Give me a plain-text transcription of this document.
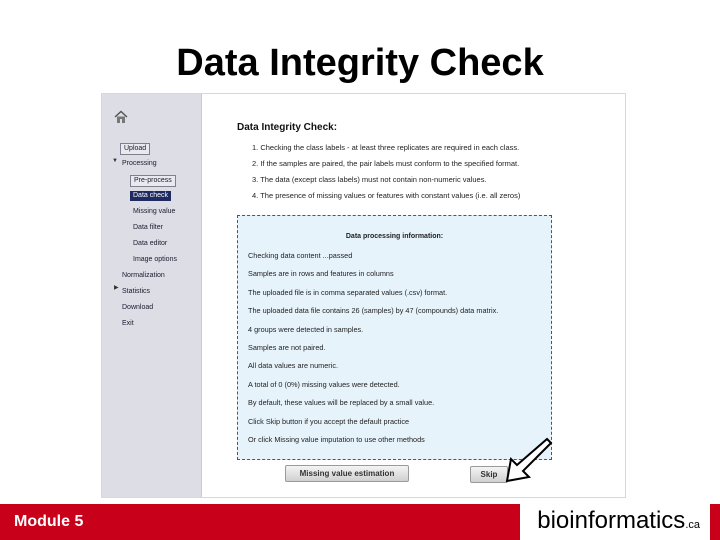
Data Integrity Check
Upload
▼ Processing
Pre-process
Data check
Missing value
Data filter
Data editor
Image options
Normalization
▶ Statistics
Download
Exit
Data Integrity Check:
1. Checking the class labels - at least three replicates are required in each class.
2. If the samples are paired, the pair labels must conform to the specified format.
3. The data (except class labels) must not contain non-numeric values.
4. The presence of missing values or features with constant values (i.e. all zeros)
Data processing information:
Checking data content ...passed
Samples are in rows and features in columns
The uploaded file is in comma separated values (.csv) format.
The uploaded data file contains 26 (samples) by 47 (compounds) data matrix.
4 groups were detected in samples.
Samples are not paired.
All data values are numeric.
A total of 0 (0%) missing values were detected.
By default, these values will be replaced by a small value.
Click Skip button if you accept the default practice
Or click Missing value imputation to use other methods
Missing value estimation	Skip
Module 5	bioinformatics.ca
